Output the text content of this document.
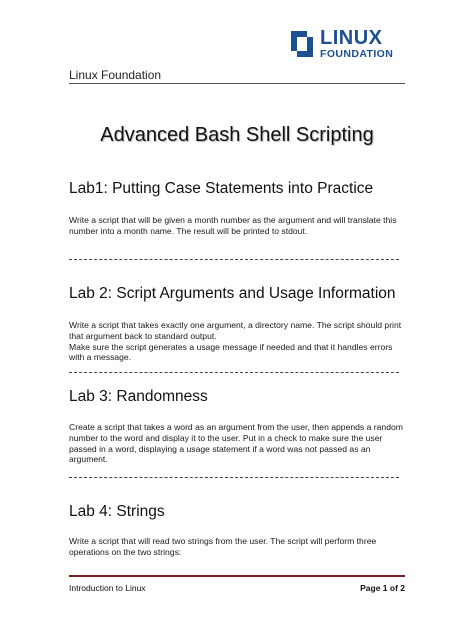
LINUX
FOUNDATION
Linux Foundation
Advanced Bash Shell Scripting
Lab1: Putting Case Statements into Practice

Write a script that will be given a month number as the argument and will translate this number into a month name. The result will be printed to stdout.

Lab 2: Script Arguments and Usage Information

Write a script that takes exactly one argument, a directory name. The script should print that argument back to standard output.

Make sure the script generates a usage message if needed and that it handles errors with a message.

Lab 3: Randomness

Create a script that takes a word as an argument from the user, then appends a random number to the word and display it to the user. Put in a check to make sure the user passed in a word, displaying a usage statement if a word was not passed as an argument.

Lab 4: Strings

Write a script that will read two strings from the user. The script will perform three operations on the two strings:

Introduction to Linux	Page 1 of 2
